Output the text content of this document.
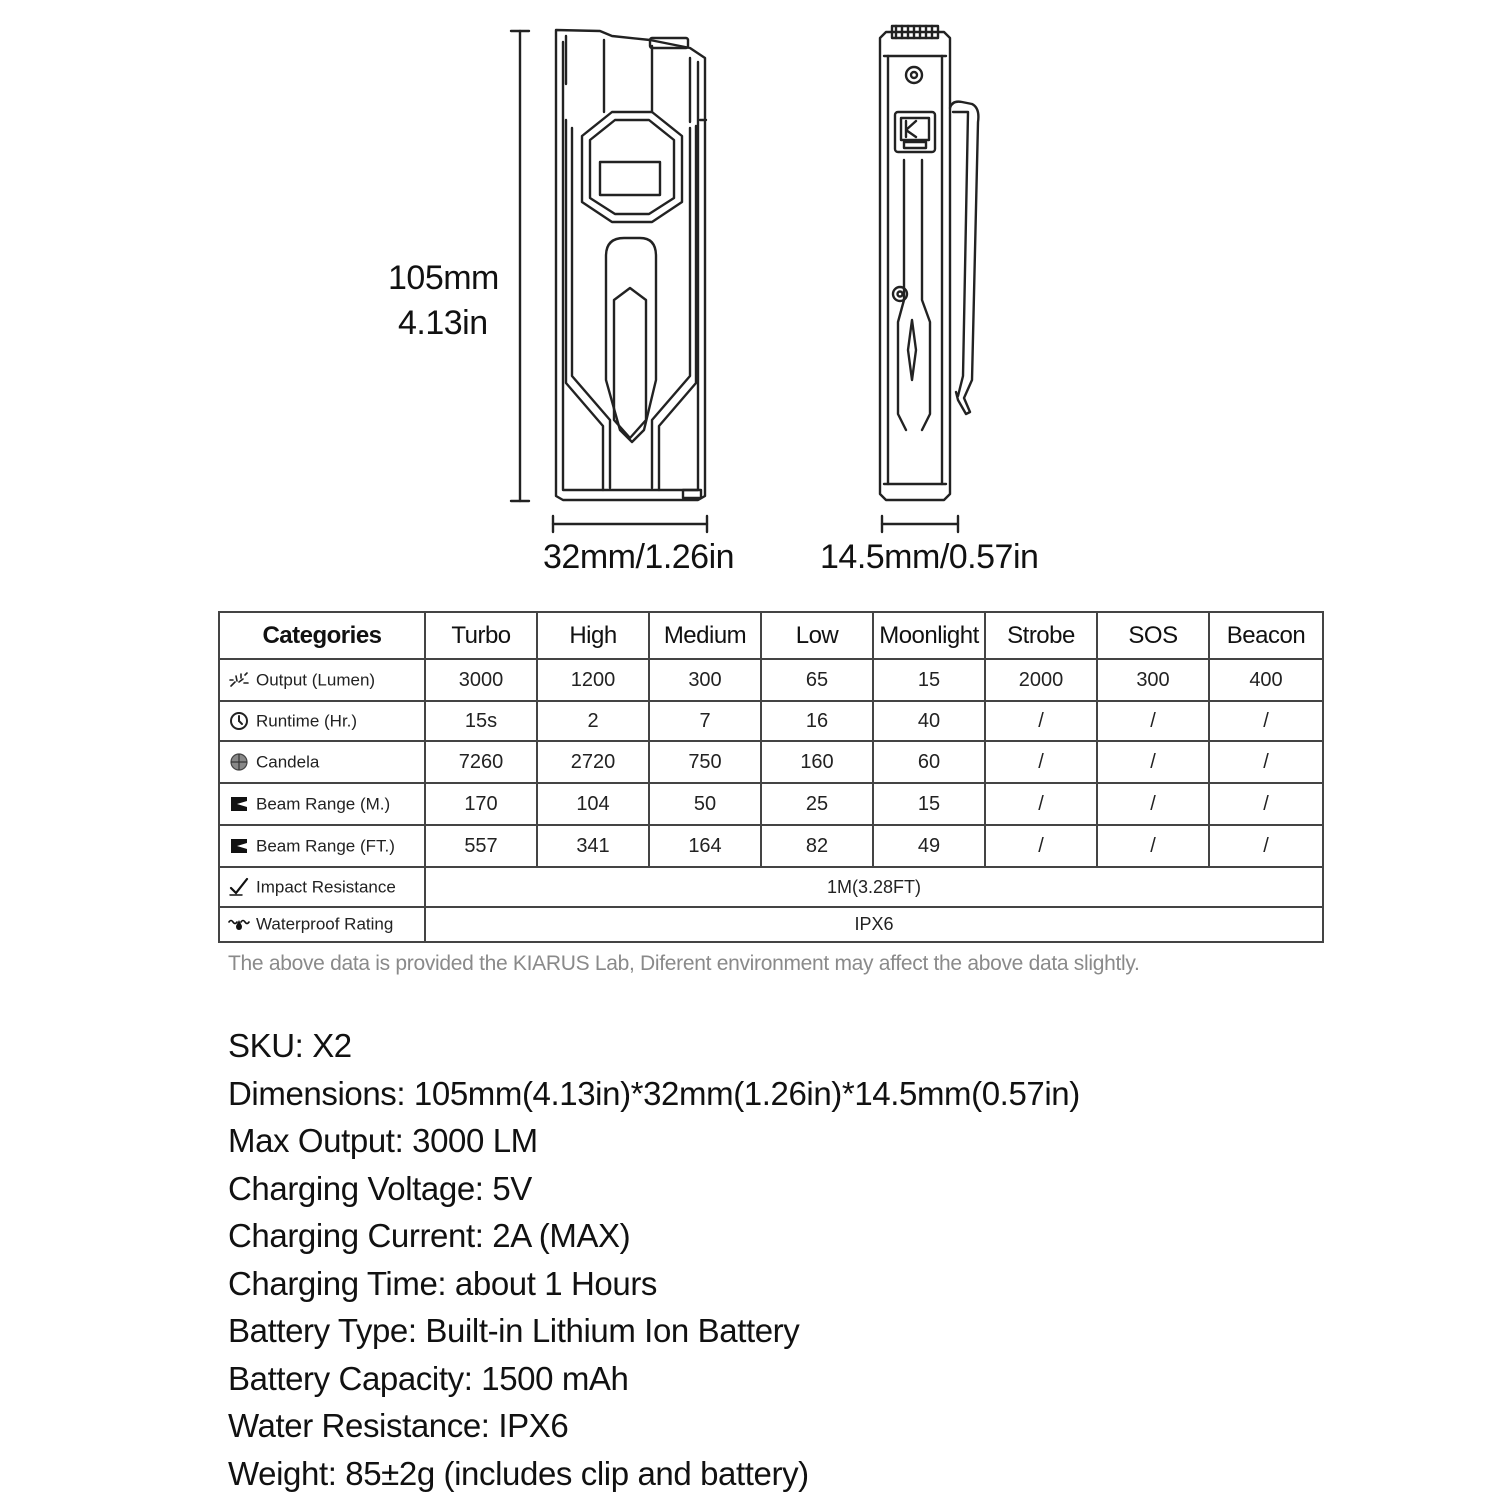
105mm
4.13in
32mm/1.26in	14.5mm/0.57in
Categories	Turbo	High	Medium	Low	Moonlight	Strobe	SOS	Beacon

Output (Lumen)	3000	1200	300	65	15	2000	300	400

Runtime (Hr.)	15s	2	7	16	40	/	/	/

Candela	7260	2720	750	160	60	/	/	/

Beam Range (M.)	170	104	50	25	15	/	/	/

Beam Range (FT.)	557	341	164	82	49	/	/	/

Impact Resistance	1M(3.28FT)							

Waterproof Rating	IPX6							
The above data is provided the KIARUS Lab, Diferent environment may affect the above data slightly.
SKU: X2
Dimensions: 105mm(4.13in)*32mm(1.26in)*14.5mm(0.57in)
Max Output: 3000 LM
Charging Voltage: 5V
Charging Current: 2A (MAX)
Charging Time: about 1 Hours
Battery Type: Built-in Lithium Ion Battery
Battery Capacity: 1500 mAh
Water Resistance: IPX6
Weight: 85±2g (includes clip and battery)
